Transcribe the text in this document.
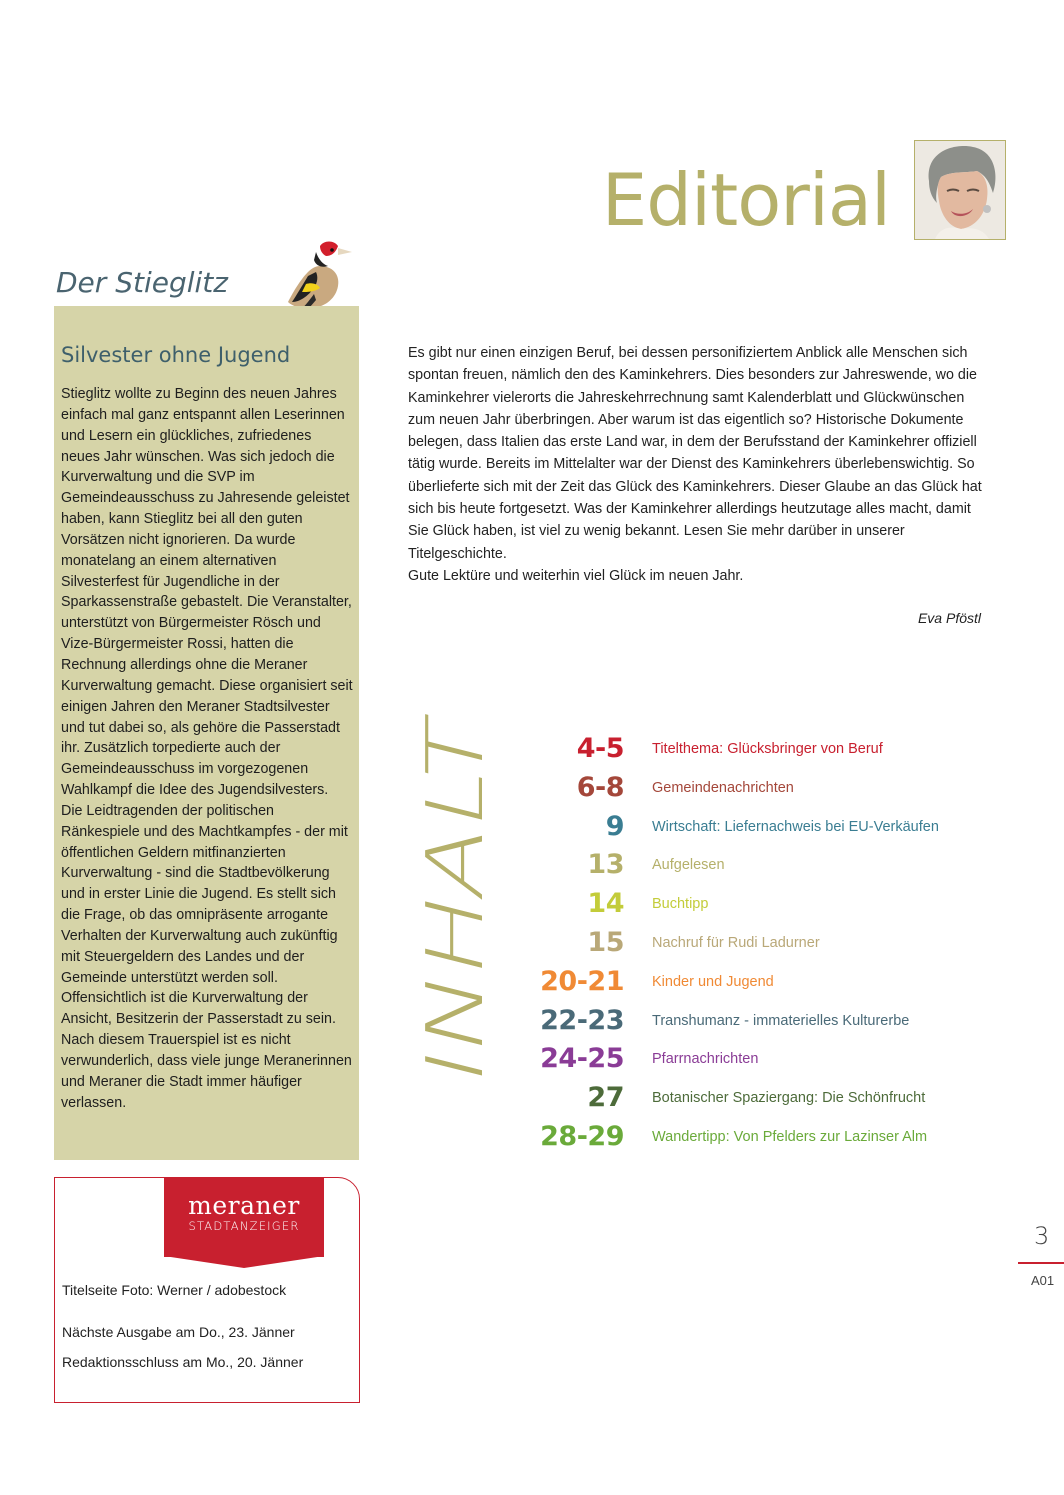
Editorial
Der Stieglitz
Silvester ohne Jugend
Stieglitz wollte zu Beginn des neuen Jahres einfach mal ganz entspannt allen Leserinnen und Lesern ein glückliches, zufriedenes neues Jahr wünschen. Was sich jedoch die Kurverwaltung und die SVP im Gemeindeausschuss zu Jahresende geleistet haben, kann Stieglitz bei all den guten Vorsätzen nicht ignorieren. Da wurde monatelang an einem alternativen Silvesterfest für Jugendliche in der Sparkassenstraße gebastelt. Die Veranstalter, unterstützt von Bürgermeister Rösch und Vize-Bürgermeister Rossi, hatten die Rechnung allerdings ohne die Meraner Kurverwaltung gemacht. Diese organisiert seit einigen Jahren den Meraner Stadtsilvester und tut dabei so, als gehöre die Passerstadt ihr. Zusätzlich torpedierte auch der Gemeindeausschuss im vorgezogenen Wahlkampf die Idee des Jugendsilvesters. Die Leidtragenden der politischen Ränkespiele und des Machtkampfes - der mit öffentlichen Geldern mitfinanzierten Kurverwaltung - sind die Stadtbevölkerung und in erster Linie die Jugend. Es stellt sich die Frage, ob das omnipräsente arrogante Verhalten der Kurverwaltung auch zukünftig mit Steuergeldern des Landes und der Gemeinde unterstützt werden soll. Offensichtlich ist die Kurverwaltung der Ansicht, Besitzerin der Passerstadt zu sein. Nach diesem Trauerspiel ist es nicht verwunderlich, dass viele junge Meranerinnen und Meraner die Stadt immer häufiger verlassen.
meraner
STADTANZEIGER
Titelseite Foto: Werner / adobestock
Nächste Ausgabe am Do., 23. Jänner
Redaktionsschluss am Mo., 20. Jänner
Es gibt nur einen einzigen Beruf, bei dessen personifiziertem Anblick alle Menschen sich spontan freuen, nämlich den des Kaminkehrers. Dies besonders zur Jahreswende, wo die Kaminkehrer vielerorts die Jahreskehrrechnung samt Kalenderblatt und Glückwünschen zum neuen Jahr überbringen. Aber warum ist das eigentlich so? Historische Dokumente belegen, dass Italien das erste Land war, in dem der Berufsstand der Kaminkehrer offiziell tätig wurde. Bereits im Mittelalter war der Dienst des Kaminkehrers überlebenswichtig. So überlieferte sich mit der Zeit das Glück des Kaminkehrers. Dieser Glaube an das Glück hat sich bis heute fortgesetzt. Was der Kaminkehrer allerdings heutzutage alles macht, damit Sie Glück haben, ist viel zu wenig bekannt. Lesen Sie mehr darüber in unserer Titelgeschichte.
Gute Lektüre und weiterhin viel Glück im neuen Jahr.
Eva Pföstl
INHALT
4-5 Titelthema: Glücksbringer von Beruf
6-8 Gemeindenachrichten
9 Wirtschaft: Liefernachweis bei EU-Verkäufen
13 Aufgelesen
14 Buchtipp
15 Nachruf für Rudi Ladurner
20-21 Kinder und Jugend
22-23 Transhumanz - immaterielles Kulturerbe
24-25 Pfarrnachrichten
27 Botanischer Spaziergang: Die Schönfrucht
28-29 Wandertipp: Von Pfelders zur Lazinser Alm
3
A01
